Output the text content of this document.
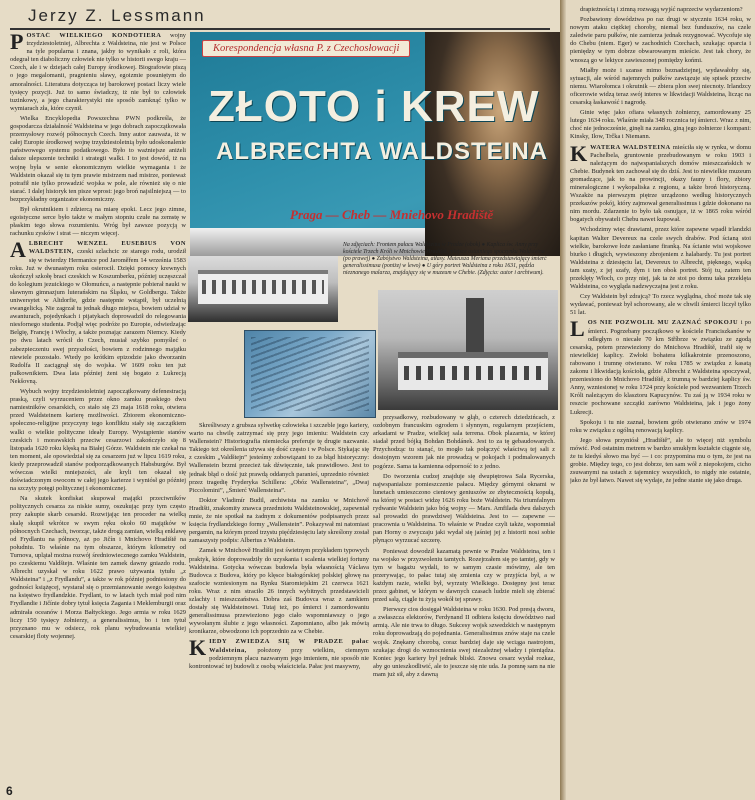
Jerzy Z. Lessmann

POSTAĆ WIELKIEGO KONDOTIERA wojny trzydziestoletniej, Albrechta z Waldsteina, nie jest w Polsce na tyle popularna i znana, jakby to wynikało z roli, która odegrał ten diaboliczny człowiek nie tylko w historii swego kraju — Czech, ale i w dziejach całej Europy środkowej. Biografowie piszą o jego megalomanii, pragnieniu sławy, egoizmie posuniętym do amoralności. Literatura dotycząca tej barokowej postaci liczy wiele tysięcy pozycji. Już to samo świadczy, iż nie był to człowiek tuzinkowy, a jego charakterystyki nie sposób zamknąć tylko w wymiarach zła, które czynił.

Wielka Encyklopedia Powszechna PWN podkreśla, że gospodarcza działalność Waldsteina w jego dobrach zapoczątkowała przemysłowy rozwój północnych Czech. Inny autor zauważa, iż w całej Europie środkowej wojnę trzydziestoletnią było udoskonalenie państwowego systemu podatkowego. Było to ważniejsze aniżeli dalsze ulepszenie techniki i strategii walki. I to jest dowód, iż na wojnę była w senie ekonomicznym wielkie wymagania i że Waldstein okazał się tu tym prawie mistrzem nad mistrze, ponieważ potrafił nie tylko prowadzić wojska w pole, ale również się o nie starać. I dalej historyk ten pisze wprost: jego broń najsilniejszą — to bezprzykładny organizator ekonomiczny.

Był okrutnikiem i zdziercą na miarę epoki. Lecz jego zimne, egoistyczne serce było także w małym stopniu czułe na zemstę w płaskim tego słowa rozumieniu. Wróg był zawsze pozycją w rachunku zysków i strat — niczym więcej.

ALBRECHT WENZEL EUSEBIUS VON WALDSTEIN, czeski szlachcic ze starego rodu, urodził się w twierdzy Hermanice pod Jaroměřem 14 września 1583 roku. Już w dwunastym roku osierocił. Dzięki pomocy krewnych ukończył szkołę braci czeskich w Koszumberku, później uczęszczał do kolegium jezuickiego w Ołomuńcu, a następnie pobierał nauki w sławnym gimnazjum luterańskim na Śląsku, w Goldbergu. Także uniwersytet w Altdorfie, gdzie następnie wstąpił, był uczelnią ewangelicką. Nie zagrzał tu jednak długo miejsca, bowiem udział w awanturach, pojedynkach i pijatykach doprowadził do relegowania niesfornego studenta. Podjął więc podróże po Europie, odwiedzając Belgię, Francję i Włochy, a także poznając zarazem Niemcy. Kiedy po dwu latach wrócił do Czech, musiał szybko pomyśleć o zabezpieczeniu swej przyszłości, bowiem z rodzinnego majątku niewiele pozostało. Wtedy po krótkim epizodzie jako dworzanin Rudolfa II zaciągnął się do wojska. W 1609 roku ten już pułkownikiem. Dwa lata później żeni się bogato z Lukrecją Nekšovną.

Wybuch wojny trzydziestoletniej zapoczątkowany defenestracją praską, czyli wyrzuceniem przez okno zamku praskiego dwu namiestników cesarskich, co stało się 23 maja 1618 roku, otwiera przed Waldsteinem karierę możliwości. Zbiorem ekonomiczno-społeczno-religijne przyczyny tego konfliktu stały się zaczątkiem walki o wielkie polityczne ideały Europy. Wystąpienie stanów czeskich i morawskich przeciw cesarzowi zakończyło się 8 listopada 1620 roku klęską na Białej Górze. Waldstein nie czekał na ten moment, ale opowiedział się za cesarzem już w lipcu 1619 roku, kiedy przeprowadził stanów podporządkowanych Habsburgów. Był wówczas wielki mniejszości, ale kryli ten okazał się doświadczonym owocom w całej jego karierze i wyniósł go później na szczyty potęgi politycznej i ekonomicznej.

Na skutek konfiskat skupował majątki przeciwników politycznych cesarza za niskie sumy, oszukując przy tym często przy zakupie skarb cesarski. Rozwijając ten proceder na wielką skalę skupił wkrótce w swym ręku około 60 majątków w północnych Czechach, tworząc, także drogą zamian, wielką enklawę od Frydlantu na północy, aż po Jičín i Mnichovo Hradiště na południu. To właśnie na tym obszarze, którym kilometry od Turnova, uplątał można rozwój średniowiecznego zamku Waldstein, po czeskiemu Valdštejn. Właśnie ten zamek dawny gniazdo rodu. Albrecht uzyskał w roku 1622 prawo używania tytułu „z Waldsteina” i „z Frydlandu”, a także w rok później podniesiony do godności książęcej, wystarał się o przemianowanie swego księstwa na księstwo frydlandzkie. Frydlant, to w latach tych miał pod nim Frydlandie i Jičínie dobry tytuł księcia Żagania i Meklemburgii oraz admirała oceanów i Morza Bałtyckiego. Jego armia w roku 1629 liczy 150 tysięcy żołnierzy, a generalissimus, bo i ten tytuł przyznano mu w odsiecz, rok planu wybudowania wielkiej cesarskiej floty wojennej.

Korespondencja własna P. z Czechosłowacji
ZŁOTO i KREW
ALBRECHTA WALDSTEINA
Praga — Cheb — Mniehovo Hradiště
Na zdjęciach: Frontem pałacu Waldsteina w Pradze (obok) ● Kaplica św. Anny przy kościele Trzech Króli w Mnichowie Hradiště, miejsce ostatniego spoczynku Waldsteina (po prawej) ● Zabójstwo Waldsteina, atłasy. Mateusza Meriana przedstawiający śmierć generalissimusa (poniżej w lewo) ● U góry portret Waldsteina z roku 1631, pędzla nieznanego malarza, znajdujący się w muzeum w Chebie. (Zdjęcia: autor i archiwum).

Skreśliwszy z grubsza sylwetkę człowieka i szczeble jego kariery, warto na chwilę zatrzymać się przy jego imieniu: Waldstein czy Wallenstein? Historiografia niemiecka preferuje tę drugie nazwanie. Takiego też określenia używa się dość często i w Polsce. Stykając się z czeskim „Valdštejn” jesteśmy zobowiązani to za błąd historyczny: Wallenstein brzmi przecież tak dźwięcznie, tak prawidłowo. Jest to jednak błąd o dość już prawdą oddanych paranieś, uprzednio również przez tragedię Fryderyka Schillera: „Obóz Wallensteina”, „Dwaj Piccolomini”, „Śmierć Wallensteina”.

Doktor Vladimír Budil, archiwista na zamku w Mnichově Hradišti, znakomity znawca przedmiotu Waldsteinowskiej, zapewniał mnie, że nie spotkał na żadnym z dokumentów podpisanych przez księcia frydlandzkiego formy „Wallenstein”. Pokazywał mi natomiast pergamin, na którym przed trzystu pięćdziesięciu laty skreślony został zamaszysty podpis: Albertus z Waldstein.

Zamek w Mnichově Hradišti jest świetnym przykładem typowych praktyk, które doprowadziły do uzyskania i scalenia wielkiej fortuny Waldsteina. Gotycka wówczas budowla była własnością Václava Budovca z Budova, który po klęsce białogórskiej polskiej głowę na szafocie wzniesionym na Rynku Staromiejskim 21 czerwca 1621 roku. Wraz z nim straciło 26 innych wybitnych przedstawicieli szlachty i mieszczaństwa. Dobra zaś Budovca wraz z zamkiem dostały się Waldsteinowi. Tutaj też, po śmierci i zamordowaniu generalissimusa przewieziono jego ciało wspomniawszy o jego wywołanym ślubie z jego własności. Zapomniano, albo jak mówią kronikarze, obwodzono ich poprzednio za w Chebie.

KIEDY ZWIEDZA SIĘ W PRADZE pałac Waldsteina, położony przy wielkim, ciemnym podziemnym placu nazwanym jego imieniem, nie sposób nie kontrontować tej budowli z osobą właściciela. Pałac jest masywny,

przysadkowy, rozbudowany w głąb, o czterech dziedzińcach, z ozdobnym francuskim ogrodem i słynnym, regularnym przejściem, arkadami w Pradze, wielkiej sala terrena. Obok plazarnia, w której siadał przed bójką Bohdan Bohdánek. Jest to za tę gebaudowanych. Przychodząc tu stanąć, to mogło tak połączyć właściwą tej sali z dostojnym wzorem jak nie prowadzą w pokojach i podmalowanych pogórze. Sama ta kamienna odporność to z jedno.

Do tworzenia cudzej znajduje się dwupiętrowa Sala Rycerska, najwspanialsze pomieszczenie pałacu. Między górnymi oknami w lunetach umieszczono cieniowy geniuszów ze zbytecznością kopułą, na której w postaci widzę 1626 roku boże Waldstein. Na triumfalnym rydwanie Waldstein jako bóg wojny — Mars. Amfilada dwu dalszych sal prowadzi do prawdziwej Waldsteina. Jest to — zapewne — pracownia u Waldsteina. To właśnie w Pradze czyli także, wspomniał pan Horny o zwyczaju jaki wydał się jaśniej jej z historii nosi sobie płynąco wyrzucać szczerę.

Ponieważ dowodził kazamatą pewnie w Pradze Waldsteina, ten i na wojsko w przyzwoleniu tamtych. Rozejrzałem się po tamtej, gdy w tym w bagażu wydali, to w samym czasie mówimy, ale ten przerywając, to pałac tutaj się zmienia czy w przyjścia był, a w każdym razie, wielki był, wyrzuty Wielkiego. Dostępny jest teraz przez gabinet, w którym w dawnych czasach ludzie mieli się zbierać przed salą, ciągle tu żyją wokół tej sprawy.

Pierwszy cios dosięgał Waldsteina w roku 1630. Pod presją dworu, a zwłaszcza elektorów, Ferdynand II odbiera księciu dowództwo nad armią. Ale nie trwa to długo. Sukcesy wojsk szwedzkich w następnym roku doprowadzają do pojednania. Generalissimus znów staje na czele wojsk. Znękany chorobą, coraz bardziej daje się wciąga nastrojom, szukając drogi do wzmocnienia swej niezależnej władzy i pieniądza. Koniec jego kariery był jednak bliski. Znowu cesarz wydał rozkaz, aby go unieszkodliwić, ale to jeszcze się nie uda. Ja pomnę sam na nie mam już sił, aby z dawną

drapieżnością i zimną rozwagą wyjść naprzeciw wydarzeniom?

Pozbawiony dowództwa po raz drugi w styczniu 1634 roku, w nowym ataku ciężkiej choroby, niemal bez funduszów, na czele zaledwie paru pułków, nie zamierza jednak rezygnować. Wycofuje się do Chebu (niem. Eger) w zachodnich Czechach, szukając oparcia i pieniędzy w tym dobrze obwarowanym mieście. Jest tak chory, że wnoszą go w lektyce zawieszonej pomiędzy końmi.

Miałby może i szanse mimo beznadziejnej, wydawałoby się, sytuacji, ale wśród najemnych pułków zawiązuje się spisek przeciw niemu. Wiarołomca i okrutnik — zbiera plon swej niecnoty. Irlandzcy oficerowie widzą teraz swój interes w likwidacji Waldsteina, licząc na cesarską łaskawość i nagrodę.

Ginie więc jako ofiara własnych żołnierzy, zamordowany 25 lutego 1634 roku. Właśnie miała 348 rocznica tej śmierci. Wraz z nim, choć nie jednocześnie, ginęli na zamku, giną jego żołnierze i kompani: Kinsky, Ilow, Trčka i Niemann.

KWATERA WALDSTEINA mieściła się w rynku, w domu Pachelbela, gruntownie przebudowanym w roku 1903 i należącym do najwspanialszych domów mieszczańskich w Chebie. Budynek ten zachował się do dziś. Jest to niewielkie muzeum gromadzące, jak to na prowincji, okazy fauny i flory, zbiory mineralogiczne i wykopaliska z regionu, a także broń historyczną. Wszakże na pierwszym piętrze urządzono według historycznych przekazów pokój, który zajmował generalissimus i gdzie dokonano na nim mordu. Zdarzenie to było tak osnujące, iż w 1865 roku wśród bogatych obywateli Chebu nawet kupował.

Wchodzimy więc drawiami, przez które zapewne wpadł irlandzki kapitan Walter Devereux na czele swych drabów. Pod ścianą stoi wielkie, barokowe łoże zasłaniane firanką. Na ścianie wisi wojskowe biurko i długich, wywieszony zbrojeniem z halabardy. Tu jest portret Waldsteina z dziesięciu lat, Devereux to Albrecht, pięknego, wąską tam szaty, z jej szafy, dym i ten obok portret. Stój tu, zatem ten przeklęty Włoch, co przy niej, jak ta że stoi po domu taka przeklęta Waldsteina, co wygląda nadzwyczajna jest z roku.

Czy Waldstein był zdrajcą? To rzecz wyglądna, choć może tak się wydawać, ponieważ był schorowany, ale w chwili śmierci liczył tylko 51 lat.

LOS NIE POZWOLIŁ MU ZAZNAĆ SPOKOJU i po śmierci. Pogrzebany początkowo w kościele Franciszkanów w odległym o niecałe 70 km Stříbrze w związku ze zgodą cesarską, potem przewieziony do Mnichova Hradiště, trafił się w niewielkiej kaplicy. Zwłoki bohatera kilkakrotnie przenoszono, rabowano i trumnę otwierano. W roku 1785 w związku z kasatą zakonu i likwidacją kościoła, gdzie Albrecht z Waldsteina spoczywał, przeniesiono do Mnichovo Hradiště, z trumną w bardziej kaplicy św. Anny, wzniesionej w roku 1724 przy kościele pod wezwaniem Trzech Króli należącym do klasztoru Kapucynów. Tu zaś ją w 1934 roku w reszcie pochowane szczątki zarówno Waldsteina, jak i jego żony Lukrecji.

Spokoju i tu nie zaznał, bowiem grób otwierano znów w 1974 roku w związku z ogólną renowacją kaplicy.

Jego słowa przyniósł „Hradiště”, ale to więcej niż symbolu mówić. Pod ostatnim metrem w bardzo smukłym kształcie ciągnie się, że tu kiedyś słowo ma być — i co: przypomina mu o tym, że jest na grobie. Między tego, co jest dobrze, ten sam wół z niepokojem, cicho zsuwanymi na ustach z tajemnicy wszystkich, to nigdy nie ostatnie, jako że był łatwo. Nawet się wydaje, że jedne stanie się jako druga.

6
